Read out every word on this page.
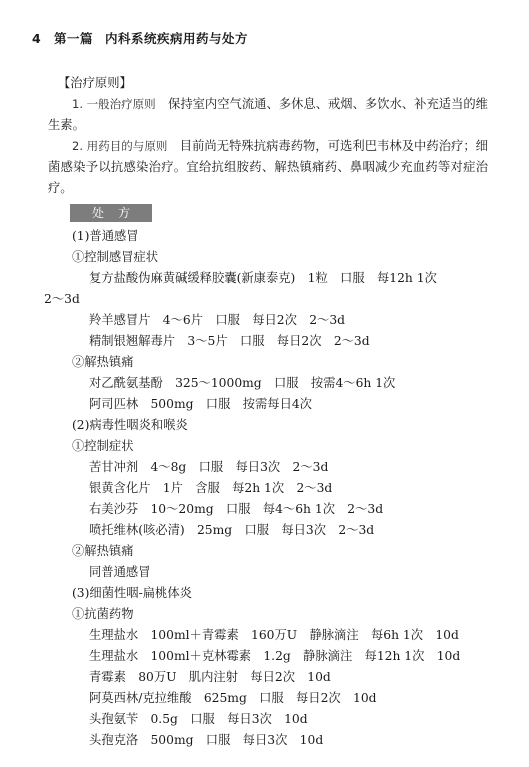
4 第一篇 内科系统疾病用药与处方
【治疗原则】
1. 一般治疗原则　 保持室内空气流通、多休息、戒烟、多饮水、补充适当的维生素。
2. 用药目的与原则　 目前尚无特殊抗病毒药物，可选利巴韦林及中药治疗；细菌感染予以抗感染治疗。宜给抗组胺药、解热镇痛药、鼻咽减少充血药等对症治疗。
处方
(1)普通感冒
①控制感冒症状
复方盐酸伪麻黄碱缓释胶囊(新康泰克)　1粒　口服　每12h 1次
2～3d
羚羊感冒片　4～6片　口服　每日2次　2～3d
精制银翘解毒片　3～5片　口服　每日2次　2～3d
②解热镇痛
对乙酰氨基酚　325～1000mg　口服　按需4～6h 1次
阿司匹林　500mg　口服　按需每日4次
(2)病毒性咽炎和喉炎
①控制症状
苦甘冲剂　4～8g　口服　每日3次　2～3d
银黄含化片　1片　含服　每2h 1次　2～3d
右美沙芬　10～20mg　口服　每4～6h 1次　2～3d
喷托维林(咳必清)　25mg　口服　每日3次　2～3d
②解热镇痛
同普通感冒
(3)细菌性咽-扁桃体炎
①抗菌药物
生理盐水　100ml＋青霉素　160万U　静脉滴注　每6h 1次　10d
生理盐水　100ml＋克林霉素　1.2g　静脉滴注　每12h 1次　10d
青霉素　80万U　肌内注射　每日2次　10d
阿莫西林/克拉维酸　625mg　口服　每日2次　10d
头孢氨苄　0.5g　口服　每日3次　10d
头孢克洛　500mg　口服　每日3次　10d
